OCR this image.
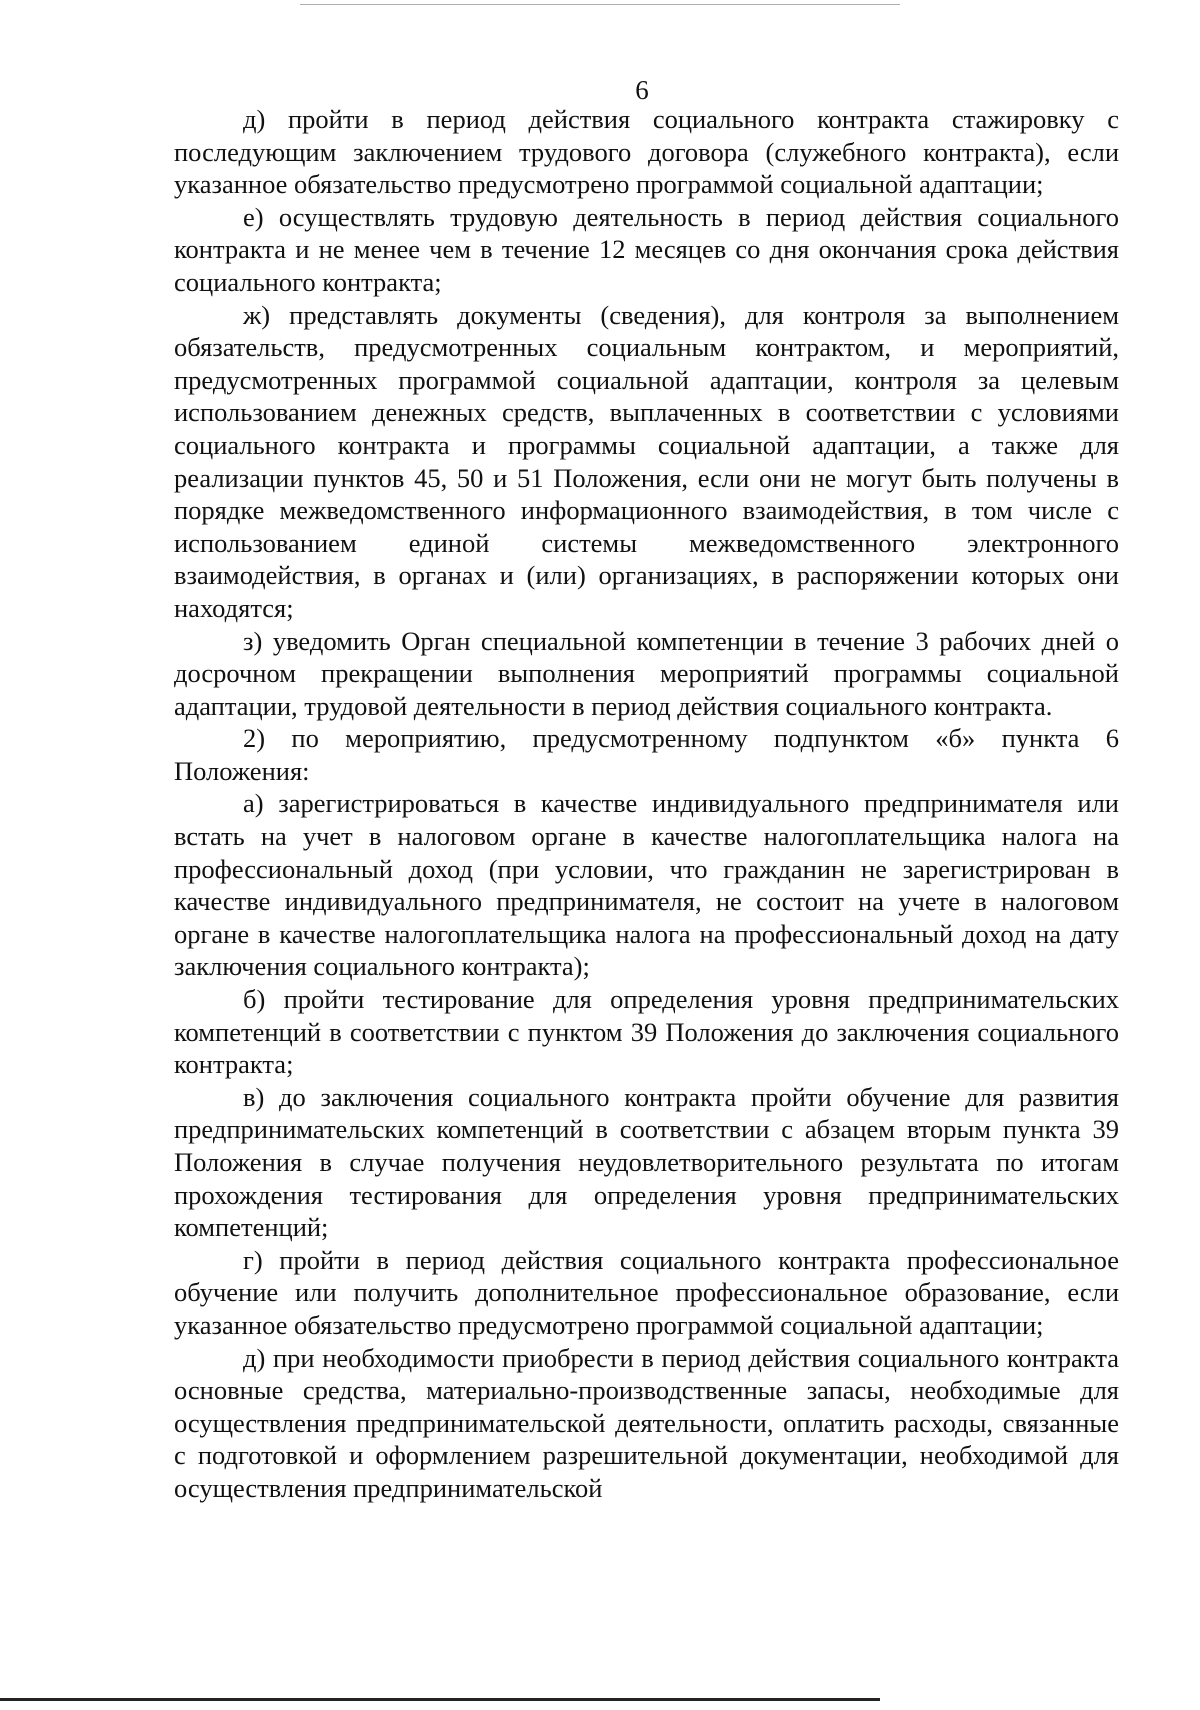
6

д) пройти в период действия социального контракта стажировку с последующим заключением трудового договора (служебного контракта), если указанное обязательство предусмотрено программой социальной адаптации;

е) осуществлять трудовую деятельность в период действия социального контракта и не менее чем в течение 12 месяцев со дня окончания срока действия социального контракта;

ж) представлять документы (сведения), для контроля за выполнением обязательств, предусмотренных социальным контрактом, и мероприятий, предусмотренных программой социальной адаптации, контроля за целевым использованием денежных средств, выплаченных в соответствии с условиями социального контракта и программы социальной адаптации, а также для реализации пунктов 45, 50 и 51 Положения, если они не могут быть получены в порядке межведомственного информационного взаимодействия, в том числе с использованием единой системы межведомственного электронного взаимодействия, в органах и (или) организациях, в распоряжении которых они находятся;

з) уведомить Орган специальной компетенции в течение 3 рабочих дней о досрочном прекращении выполнения мероприятий программы социальной адаптации, трудовой деятельности в период действия социального контракта.

2) по мероприятию, предусмотренному подпунктом «б» пункта 6 Положения:

а) зарегистрироваться в качестве индивидуального предпринимателя или встать на учет в налоговом органе в качестве налогоплательщика налога на профессиональный доход (при условии, что гражданин не зарегистрирован в качестве индивидуального предпринимателя, не состоит на учете в налоговом органе в качестве налогоплательщика налога на профессиональный доход на дату заключения социального контракта);

б) пройти тестирование для определения уровня предпринимательских компетенций в соответствии с пунктом 39 Положения до заключения социального контракта;

в) до заключения социального контракта пройти обучение для развития предпринимательских компетенций в соответствии с абзацем вторым пункта 39 Положения в случае получения неудовлетворительного результата по итогам прохождения тестирования для определения уровня предпринимательских компетенций;

г) пройти в период действия социального контракта профессиональное обучение или получить дополнительное профессиональное образование, если указанное обязательство предусмотрено программой социальной адаптации;

д) при необходимости приобрести в период действия социального контракта основные средства, материально-производственные запасы, необходимые для осуществления предпринимательской деятельности, оплатить расходы, связанные с подготовкой и оформлением разрешительной документации, необходимой для осуществления предпринимательской
